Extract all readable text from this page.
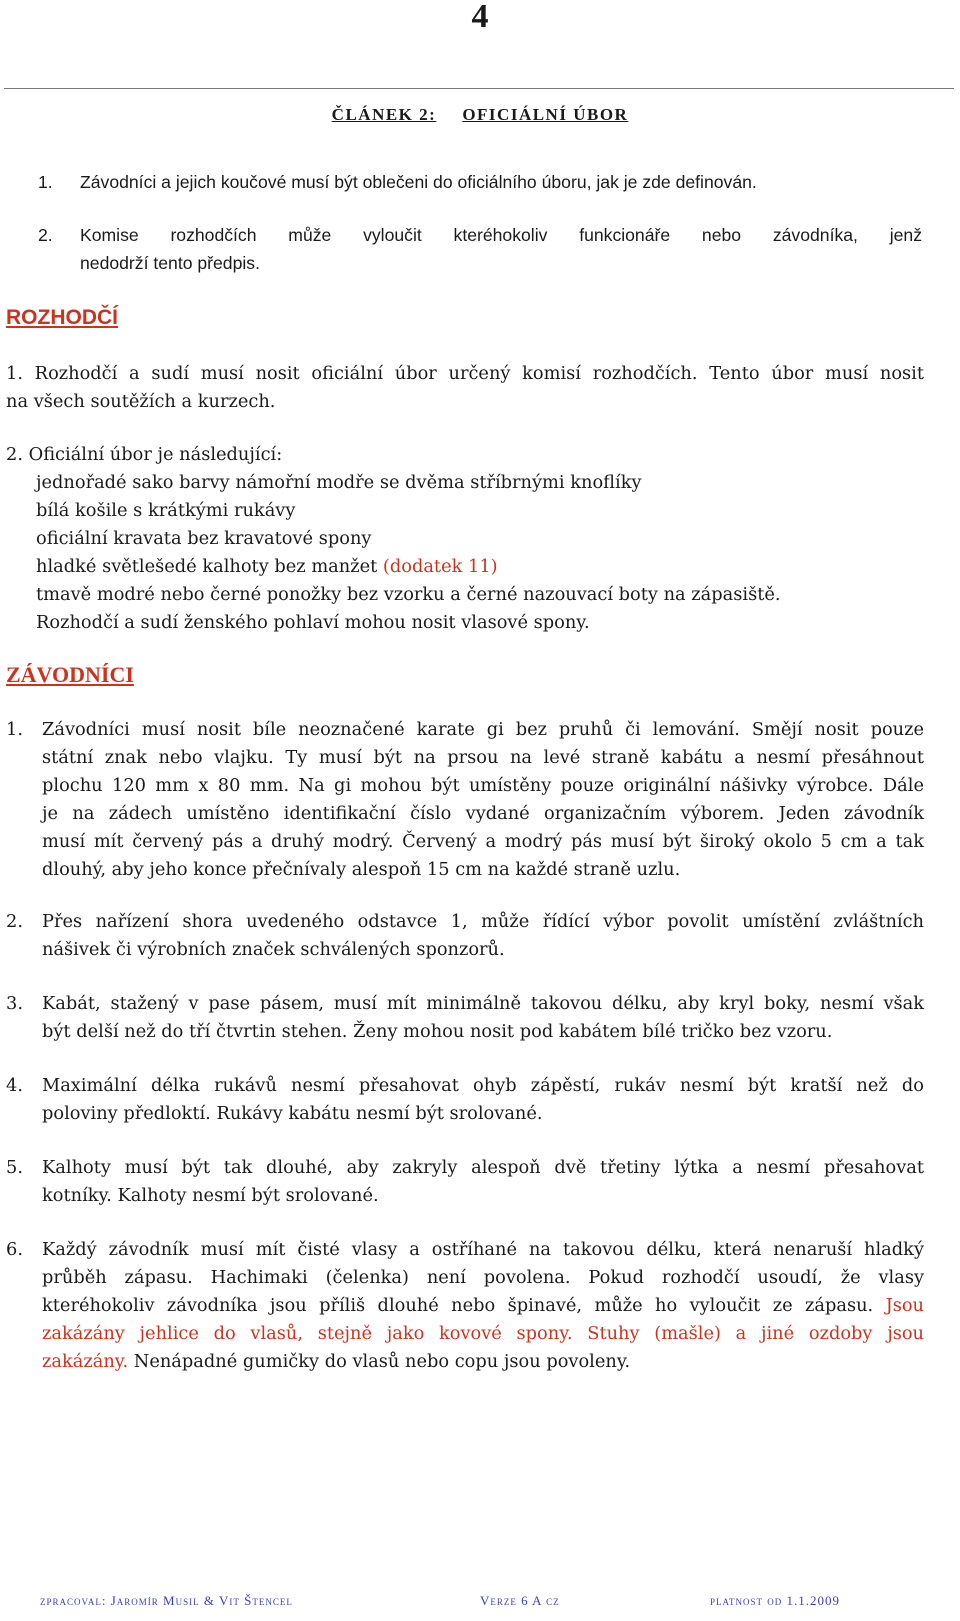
4
ČLÁNEK 2: OFICIÁLNÍ ÚBOR
1. Závodníci a jejich koučové musí být oblečeni do oficiálního úboru, jak je zde definován.
2. Komise rozhodčích může vyloučit kteréhokoliv funkcionáře nebo závodníka, jenž
nedodrží tento předpis.
ROZHODČÍ
1. Rozhodčí a sudí musí nosit oficiální úbor určený komisí rozhodčích. Tento úbor musí nosit
na všech soutěžích a kurzech.
2. Oficiální úbor je následující:
jednořadé sako barvy námořní modře se dvěma stříbrnými knoflíky
bílá košile s krátkými rukávy
oficiální kravata bez kravatové spony
hladké světlešedé kalhoty bez manžet (dodatek 11)
tmavě modré nebo černé ponožky bez vzorku a černé nazouvací boty na zápasiště.
Rozhodčí a sudí ženského pohlaví mohou nosit vlasové spony.
ZÁVODNÍCI
1. Závodníci musí nosit bíle neoznačené karate gi bez pruhů či lemování. Smějí nosit pouze
státní znak nebo vlajku. Ty musí být na prsou na levé straně kabátu a nesmí přesáhnout
plochu 120 mm x 80 mm. Na gi mohou být umístěny pouze originální nášivky výrobce. Dále
je na zádech umístěno identifikační číslo vydané organizačním výborem. Jeden závodník
musí mít červený pás a druhý modrý. Červený a modrý pás musí být široký okolo 5 cm a tak
dlouhý, aby jeho konce přečnívaly alespoň 15 cm na každé straně uzlu.
2. Přes nařízení shora uvedeného odstavce 1, může řídící výbor povolit umístění zvláštních
nášivek či výrobních značek schválených sponzorů.
3. Kabát, stažený v pase pásem, musí mít minimálně takovou délku, aby kryl boky, nesmí však
být delší než do tří čtvrtin stehen. Ženy mohou nosit pod kabátem bílé tričko bez vzoru.
4. Maximální délka rukávů nesmí přesahovat ohyb zápěstí, rukáv nesmí být kratší než do
poloviny předloktí. Rukávy kabátu nesmí být srolované.
5. Kalhoty musí být tak dlouhé, aby zakryly alespoň dvě třetiny lýtka a nesmí přesahovat
kotníky. Kalhoty nesmí být srolované.
6. Každý závodník musí mít čisté vlasy a ostříhané na takovou délku, která nenaruší hladký
průběh zápasu. Hachimaki (čelenka) není povolena. Pokud rozhodčí usoudí, že vlasy
kteréhokoliv závodníka jsou příliš dlouhé nebo špinavé, může ho vyloučit ze zápasu. Jsou
zakázány jehlice do vlasů, stejně jako kovové spony. Stuhy (mašle) a jiné ozdoby jsou
zakázány. Nenápadné gumičky do vlasů nebo copu jsou povoleny.
zpracoval: Jaromír Musil & Vit Štencel	Verze 6 A cz	platnost od 1.1.2009
